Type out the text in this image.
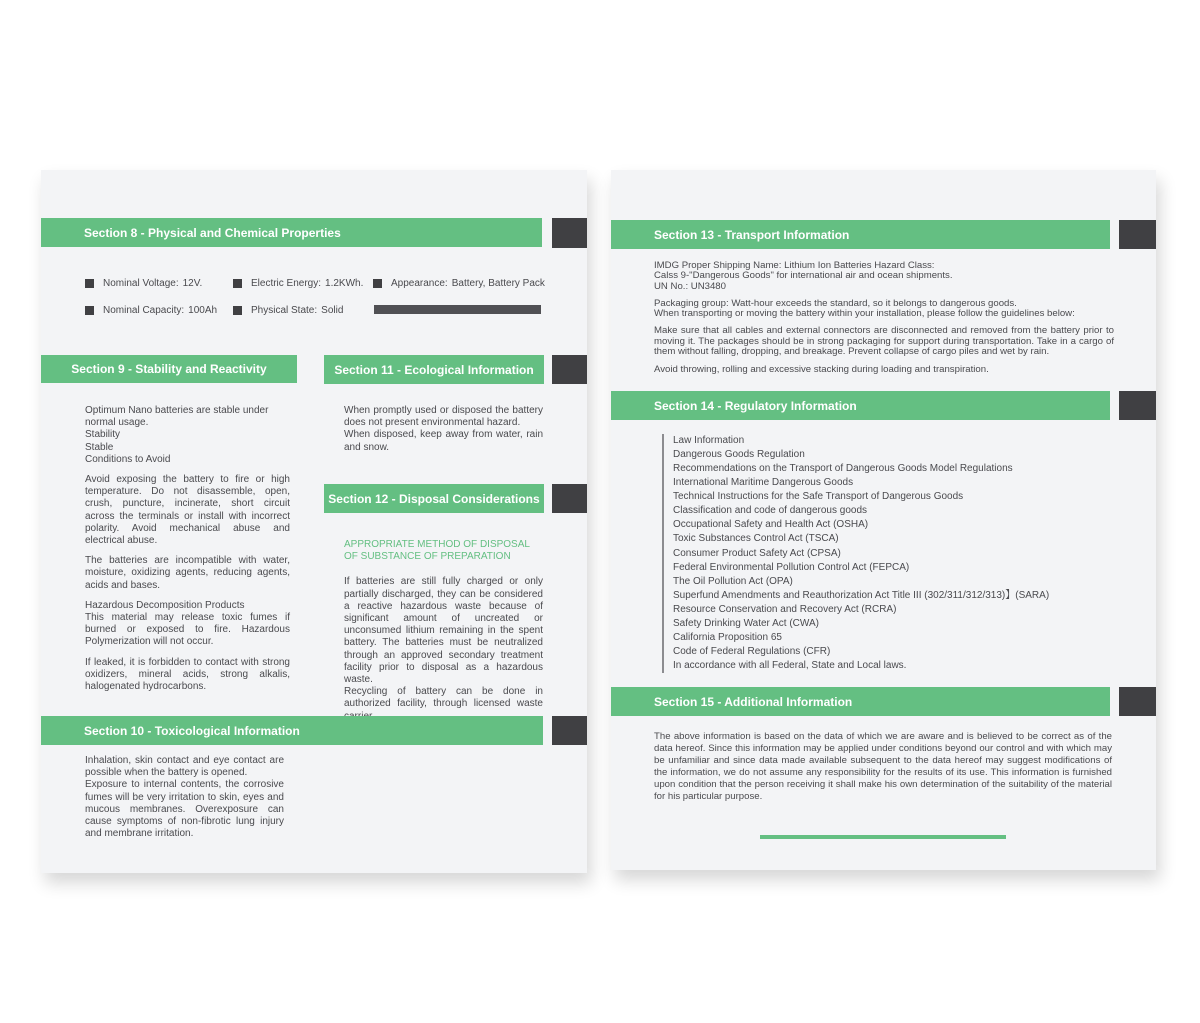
Section 8 - Physical and Chemical Properties
Nominal Voltage: 12V.	Electric Energy: 1.2KWh.	Appearance: Battery, Battery Pack
Nominal Capacity: 100Ah	Physical State: Solid
Section 9 - Stability and Reactivity

Optimum Nano batteries are stable under
normal usage.
Stability
Stable
Conditions to Avoid

Avoid exposing the battery to fire or high temperature. Do not disassemble, open, crush, puncture, incinerate, short circuit across the terminals or install with incorrect polarity. Avoid mechanical abuse and electrical abuse.

The batteries are incompatible with water, moisture, oxidizing agents, reducing agents, acids and bases.

Hazardous Decomposition Products

This material may release toxic fumes if burned or exposed to fire. Hazardous Polymerization will not occur.

If leaked, it is forbidden to contact with strong oxidizers, mineral acids, strong alkalis, halogenated hydrocarbons.

Section 11 - Ecological Information

When promptly used or disposed the battery does not present environmental hazard.

When disposed, keep away from water, rain and snow.

Section 12 - Disposal Considerations

APPROPRIATE METHOD OF DISPOSAL OF SUBSTANCE OF PREPARATION

If batteries are still fully charged or only partially discharged, they can be considered a reactive hazardous waste because of significant amount of uncreated or unconsumed lithium remaining in the spent battery. The batteries must be neutralized through an approved secondary treatment facility prior to disposal as a hazardous waste.

Recycling of battery can be done in authorized facility, through licensed waste

Section 10 - Toxicological Information

Inhalation, skin contact and eye contact are possible when the battery is opened.

Exposure to internal contents, the corrosive fumes will be very irritation to skin, eyes and mucous membranes. Overexposure can cause symptoms of non-fibrotic lung injury and membrane irritation.

Section 13 - Transport Information

IMDG Proper Shipping Name: Lithium Ion Batteries Hazard Class:
Calss 9-"Dangerous Goods" for international air and ocean shipments.
UN No.: UN3480

Packaging group: Watt-hour exceeds the standard, so it belongs to dangerous goods.
When transporting or moving the battery within your installation, please follow the guidelines below:

Make sure that all cables and external connectors are disconnected and removed from the battery prior to moving it. The packages should be in strong packaging for support during transportation. Take in a cargo of them without falling, dropping, and breakage. Prevent collapse of cargo piles and wet by rain.

Avoid throwing, rolling and excessive stacking during loading and transpiration.

Section 14 - Regulatory Information
Law Information
Dangerous Goods Regulation
Recommendations on the Transport of Dangerous Goods Model Regulations
International Maritime Dangerous Goods
Technical Instructions for the Safe Transport of Dangerous Goods
Classification and code of dangerous goods
Occupational Safety and Health Act (OSHA)
Toxic Substances Control Act (TSCA)
Consumer Product Safety Act (CPSA)
Federal Environmental Pollution Control Act (FEPCA)
The Oil Pollution Act (OPA)
Superfund Amendments and Reauthorization Act Title III (302/311/312/313)】(SARA)
Resource Conservation and Recovery Act (RCRA)
Safety Drinking Water Act (CWA)
California Proposition 65
Code of Federal Regulations (CFR)
In accordance with all Federal, State and Local laws.
Section 15 - Additional Information

The above information is based on the data of which we are aware and is believed to be correct as of the data hereof. Since this information may be applied under conditions beyond our control and with which may be unfamiliar and since data made available subsequent to the data hereof may suggest modifications of the information, we do not assume any responsibility for the results of its use. This information is furnished upon condition that the person receiving it shall make his own determination of the suitability of the material for his particular purpose.
